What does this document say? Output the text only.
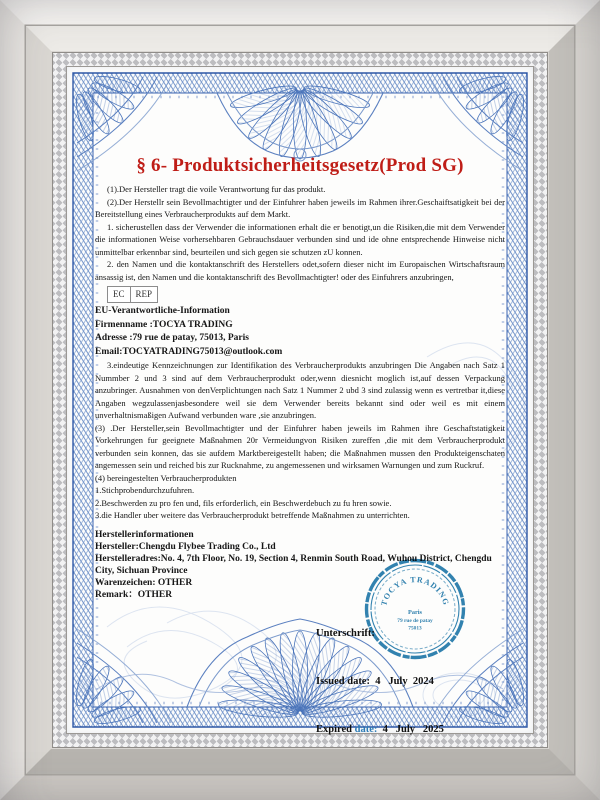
§ 6- Produktsicherheitsgesetz(Prod SG)

(1).Der Hersteller tragt die voile Verantwortung fur das produkt.

(2).Der Herstellr sein Bevollmachtigter und der Einfuhrer haben jeweils im Rahmen ihrer.Geschaiftsatigkeit bei der Bereitstellung eines Verbraucherprodukts auf dem Markt.

1. sicherustellen dass der Verwender die informationen erhalt die er benotigt,un die Risiken,die mit dem Verwender die informationen Weise vorhersehbaren Gebrauchsdauer verbunden sind und ide ohne entsprechende Hinweise nicht unmittelbar erkennbar sind, beurteilen und sich gegen sie schutzen zU konnen.

2. den Namen und die kontaktanschrift des Herstellers odet,sofern dieser nicht im Europaischen Wirtschaftsraum ansassig ist, den Namen und die kontaktanschrift des Bevollmachtigter! oder des Einfuhrers anzubringen,

EC	REP

EU-Verantwortliche-Information

Firmenname :TOCYA TRADING

Adresse :79 rue de patay, 75013, Paris

Email:TOCYATRADING75013@outlook.com

3.eindeutige Kennzeichnungen zur Identifikation des Verbraucherprodukts anzubringen Die Angaben nach Satz 1 Nummber 2 und 3 sind auf dem Verbraucherprodukt oder,wenn diesnicht moglich ist,auf dessen Verpackung anzubringer. Ausnahmen von denVerplichtungen nach Satz 1 Nummer 2 ubd 3 sind zulassig wenn es vertretbar it,diese Angaben wegzulassenjasbesondere weil sie dem Verwender bereits bekannt sind oder weil es mit einem unverhaltnismaßigen Aufwand verbunden ware ,sie anzubringen.

(3) .Der Hersteller,sein Bevollmachtigter und der Einfuhrer haben jeweils im Rahmen ihre Geschaftstatigkeit Vorkehrungen fur geeignete Maßnahmen 20r Vermeidungvon Risiken zureffen ,die mit dem Verbraucherprodukt verbunden sein konnen, das sie aufdem Marktbereigestellt haben; die Maßnahmen mussen den Produkteigenschaten angemessen sein und reiched bis zur Rucknahme, zu angemessenen und wirksamen Warnungen und zum Ruckruf.

(4) bereingestelten Verbraucherprodukten

1.Stichprobendurchzufuhren.

2.Beschwerden zu pro fen und, fils erforderlich, ein Beschwerdebuch zu fu hren sowie.

3.die Handler uber weitere das Verbraucherprodukt betreffende Maßnahmen zu unterrichten.

Herstellerinformationen

Hersteller:Chengdu Flybee Trading Co., Ltd

Herstelleradres:No. 4, 7th Floor, No. 19, Section 4, Renmin South Road, Wuhou District, Chengdu City, Sichuan Province

Warenzeichen: OTHER

Remark：OTHER

Unterschrift:

Issued date:  4   July  2024

Expired date:  4   July   2025

TOCYA TRADING
Paris
79 rue de patay
75013
